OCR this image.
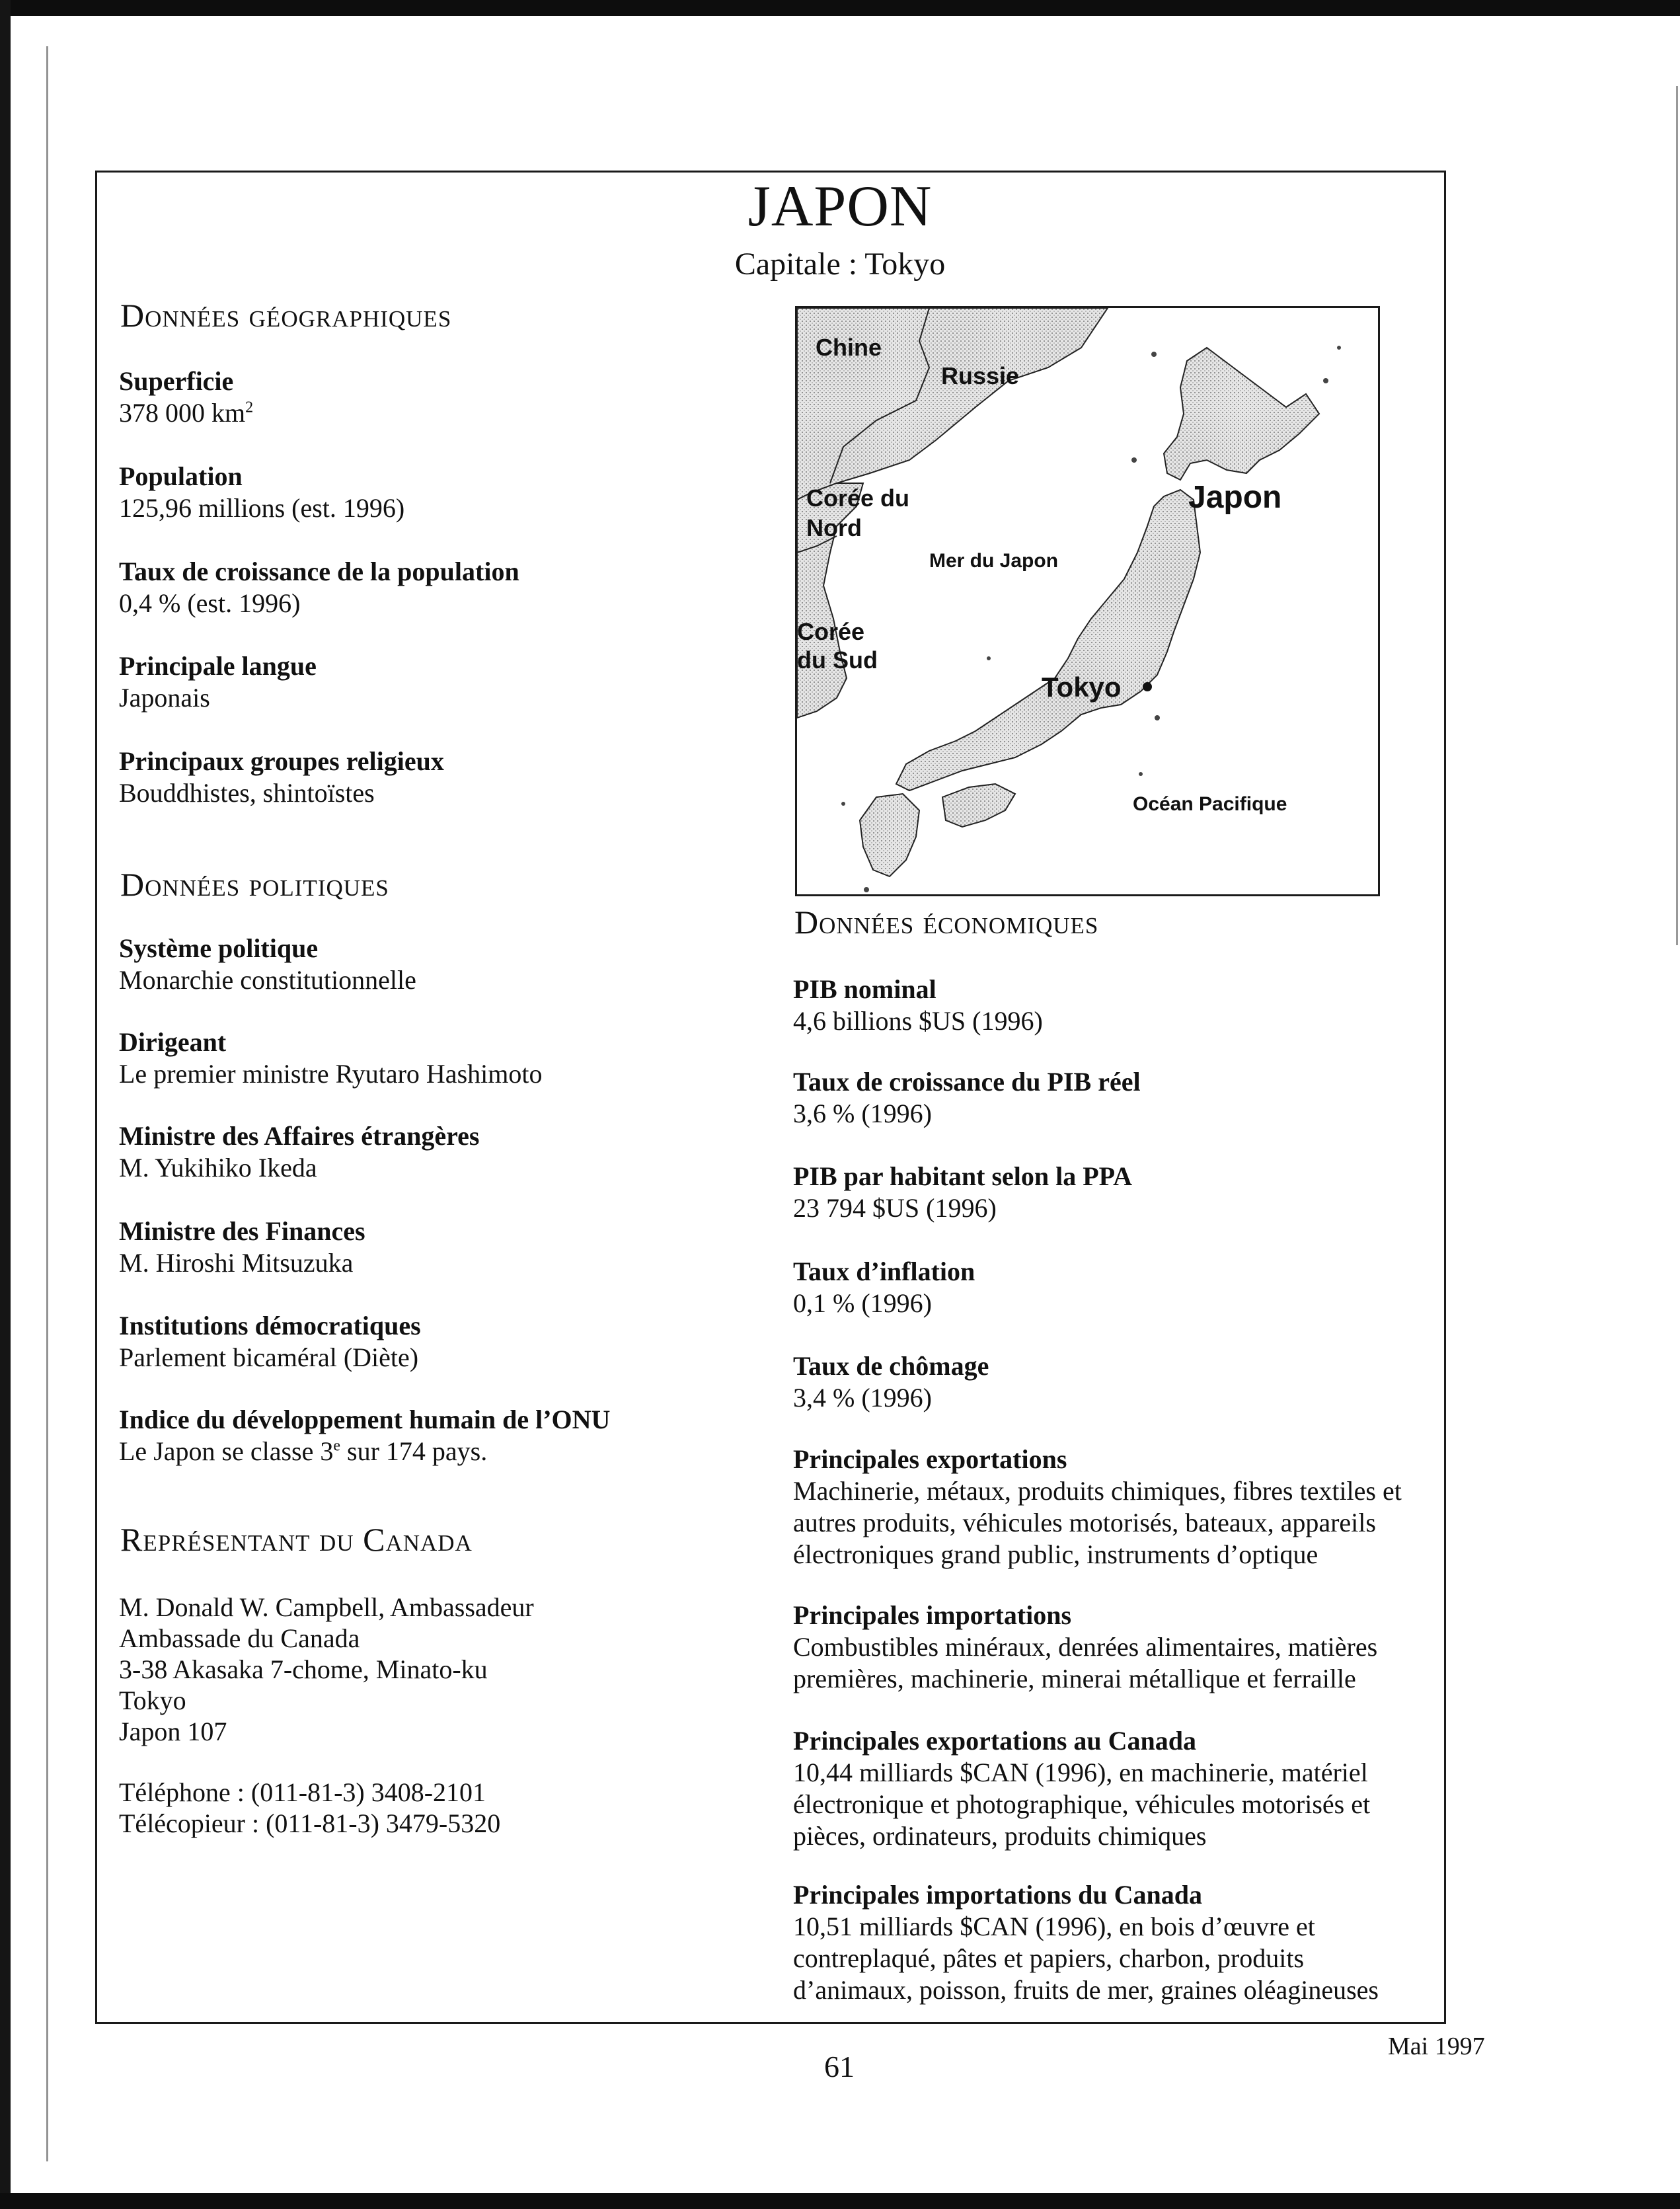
JAPON
Capitale : Tokyo
Données géographiques
Superficie
378 000 $km^2$
Population
125,96 millions (est. 1996)
Taux de croissance de la population
0,4 % (est. 1996)
Principale langue
Japonais
Principaux groupes religieux
Bouddhistes, shintoïstes
Données politiques
Système politique
Monarchie constitutionnelle
Dirigeant
Le premier ministre Ryutaro Hashimoto
Ministre des Affaires étrangères
M. Yukihiko Ikeda
Ministre des Finances
M. Hiroshi Mitsuzuka
Institutions démocratiques
Parlement bicaméral (Diète)
Indice du développement humain de l’ONU
Le Japon se classe 3e sur 174 pays.
Représentant du Canada
M. Donald W. Campbell, Ambassadeur
Ambassade du Canada
3-38 Akasaka 7-chome, Minato-ku
Tokyo
Japon 107
Téléphone : (011-81-3) 3408-2101
Télécopieur : (011-81-3) 3479-5320
Chine
Russie
Corée du
Nord
Mer du Japon
Corée
du Sud
Japon
Tokyo
Océan Pacifique
Données économiques
PIB nominal
4,6 billions $US (1996)
Taux de croissance du PIB réel
3,6 % (1996)
PIB par habitant selon la PPA
23 794 $US (1996)
Taux d’inflation
0,1 % (1996)
Taux de chômage
3,4 % (1996)
Principales exportations
Machinerie, métaux, produits chimiques, fibres textiles et
autres produits, véhicules motorisés, bateaux, appareils
électroniques grand public, instruments d’optique
Principales importations
Combustibles minéraux, denrées alimentaires, matières
premières, machinerie, minerai métallique et ferraille
Principales exportations au Canada
10,44 milliards $CAN (1996), en machinerie, matériel
électronique et photographique, véhicules motorisés et
pièces, ordinateurs, produits chimiques
Principales importations du Canada
10,51 milliards $CAN (1996), en bois d’œuvre et
contreplaqué, pâtes et papiers, charbon, produits
d’animaux, poisson, fruits de mer, graines oléagineuses
61
Mai 1997
